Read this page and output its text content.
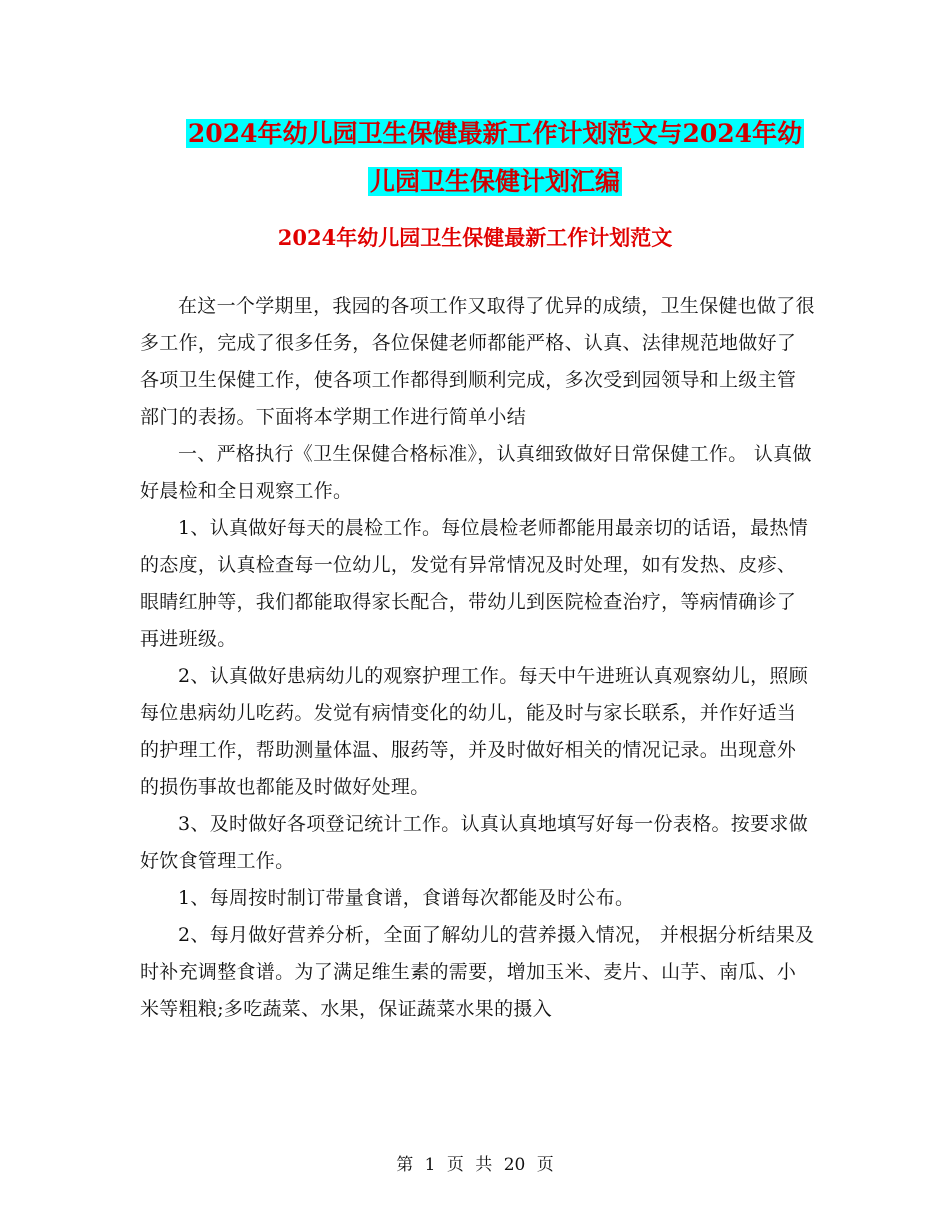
2024年幼儿园卫生保健最新工作计划范文与2024年幼
儿园卫生保健计划汇编
2024年幼儿园卫生保健最新工作计划范文

在这一个学期里，我园的各项工作又取得了优异的成绩，卫生保健也做了很多工作，完成了很多任务，各位保健老师都能严格、认真、法律规范地做好了各项卫生保健工作，使各项工作都得到顺利完成，多次受到园领导和上级主管部门的表扬。下面将本学期工作进行简单小结

一、严格执行《卫生保健合格标准》，认真细致做好日常保健工作。 认真做好晨检和全日观察工作。

1、认真做好每天的晨检工作。每位晨检老师都能用最亲切的话语，最热情的态度，认真检查每一位幼儿，发觉有异常情况及时处理，如有发热、皮疹、眼睛红肿等，我们都能取得家长配合，带幼儿到医院检查治疗，等病情确诊了再进班级。

2、认真做好患病幼儿的观察护理工作。每天中午进班认真观察幼儿，照顾每位患病幼儿吃药。发觉有病情变化的幼儿，能及时与家长联系，并作好适当的护理工作，帮助测量体温、服药等，并及时做好相关的情况记录。出现意外的损伤事故也都能及时做好处理。

3、及时做好各项登记统计工作。认真认真地填写好每一份表格。按要求做好饮食管理工作。

1、每周按时制订带量食谱，食谱每次都能及时公布。

2、每月做好营养分析，全面了解幼儿的营养摄入情况， 并根据分析结果及时补充调整食谱。为了满足维生素的需要，增加玉米、麦片、山芋、南瓜、小米等粗粮;多吃蔬菜、水果，保证蔬菜水果的摄入

第 1 页 共 20 页
